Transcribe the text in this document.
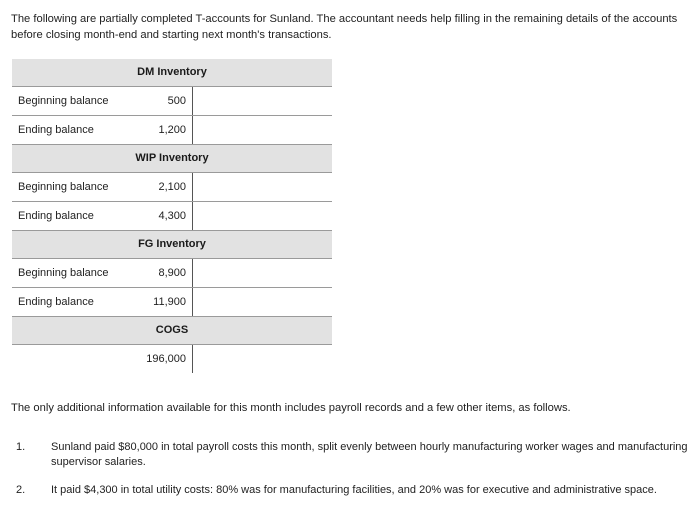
The following are partially completed T-accounts for Sunland. The accountant needs help filling in the remaining details of the accounts before closing month-end and starting next month's transactions.
DM Inventory
Beginning balance	500
Ending balance	1,200
WIP Inventory
Beginning balance	2,100
Ending balance	4,300
FG Inventory
Beginning balance	8,900
Ending balance	11,900
COGS
196,000
The only additional information available for this month includes payroll records and a few other items, as follows.
1. Sunland paid $80,000 in total payroll costs this month, split evenly between hourly manufacturing worker wages and manufacturing supervisor salaries.
2. It paid $4,300 in total utility costs: 80% was for manufacturing facilities, and 20% was for executive and administrative space.
